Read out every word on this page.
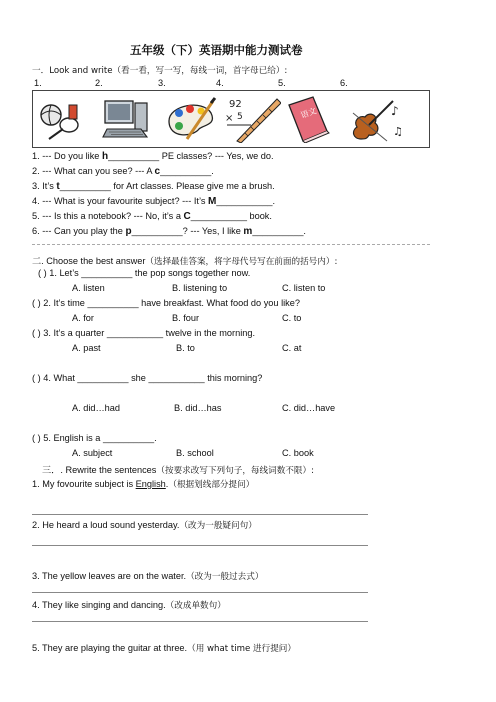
五年级（下）英语期中能力测试卷
一．Look and write（看一看，写一写，每线一词，首字母已给）:
1.	2.	3.	4.	5.	6.
92
× 5	语文	♪
♫
1. --- Do you like h__________ PE classes? --- Yes, we do.
2. --- What can you see? --- A c__________.
3. It’s t__________ for Art classes. Please give me a brush.
4. --- What is your favourite subject? --- It’s M___________.
5. --- Is this a notebook? --- No, it’s a C___________ book.
6. --- Can you play the p__________? --- Yes, I like m__________.
二. Choose the best answer（选择最佳答案，将字母代号写在前面的括号内）:
( ) 1. Let’s __________ the pop songs together now.
A. listen	B. listening to	C. listen to
( ) 2. It’s time __________ have breakfast. What food do you like?
A. for	B. four	C. to
( ) 3. It’s a quarter ___________ twelve in the morning.
A. past	B. to	C. at
( ) 4. What __________ she ___________ this morning?
A. did…had	B. did…has	C. did…have
( ) 5. English is a __________.
A. subject	B. school	C. book
三．. Rewrite the sentences（按要求改写下列句子，每线词数不限）:
1. My fovourite subject is English.（根据划线部分提问）
2. He heard a loud sound yesterday.（改为一般疑问句）
3. The yellow leaves are on the water.（改为一般过去式）
4. They like singing and dancing.（改成单数句）
5. They are playing the guitar at three.（用 what time 进行提问）
